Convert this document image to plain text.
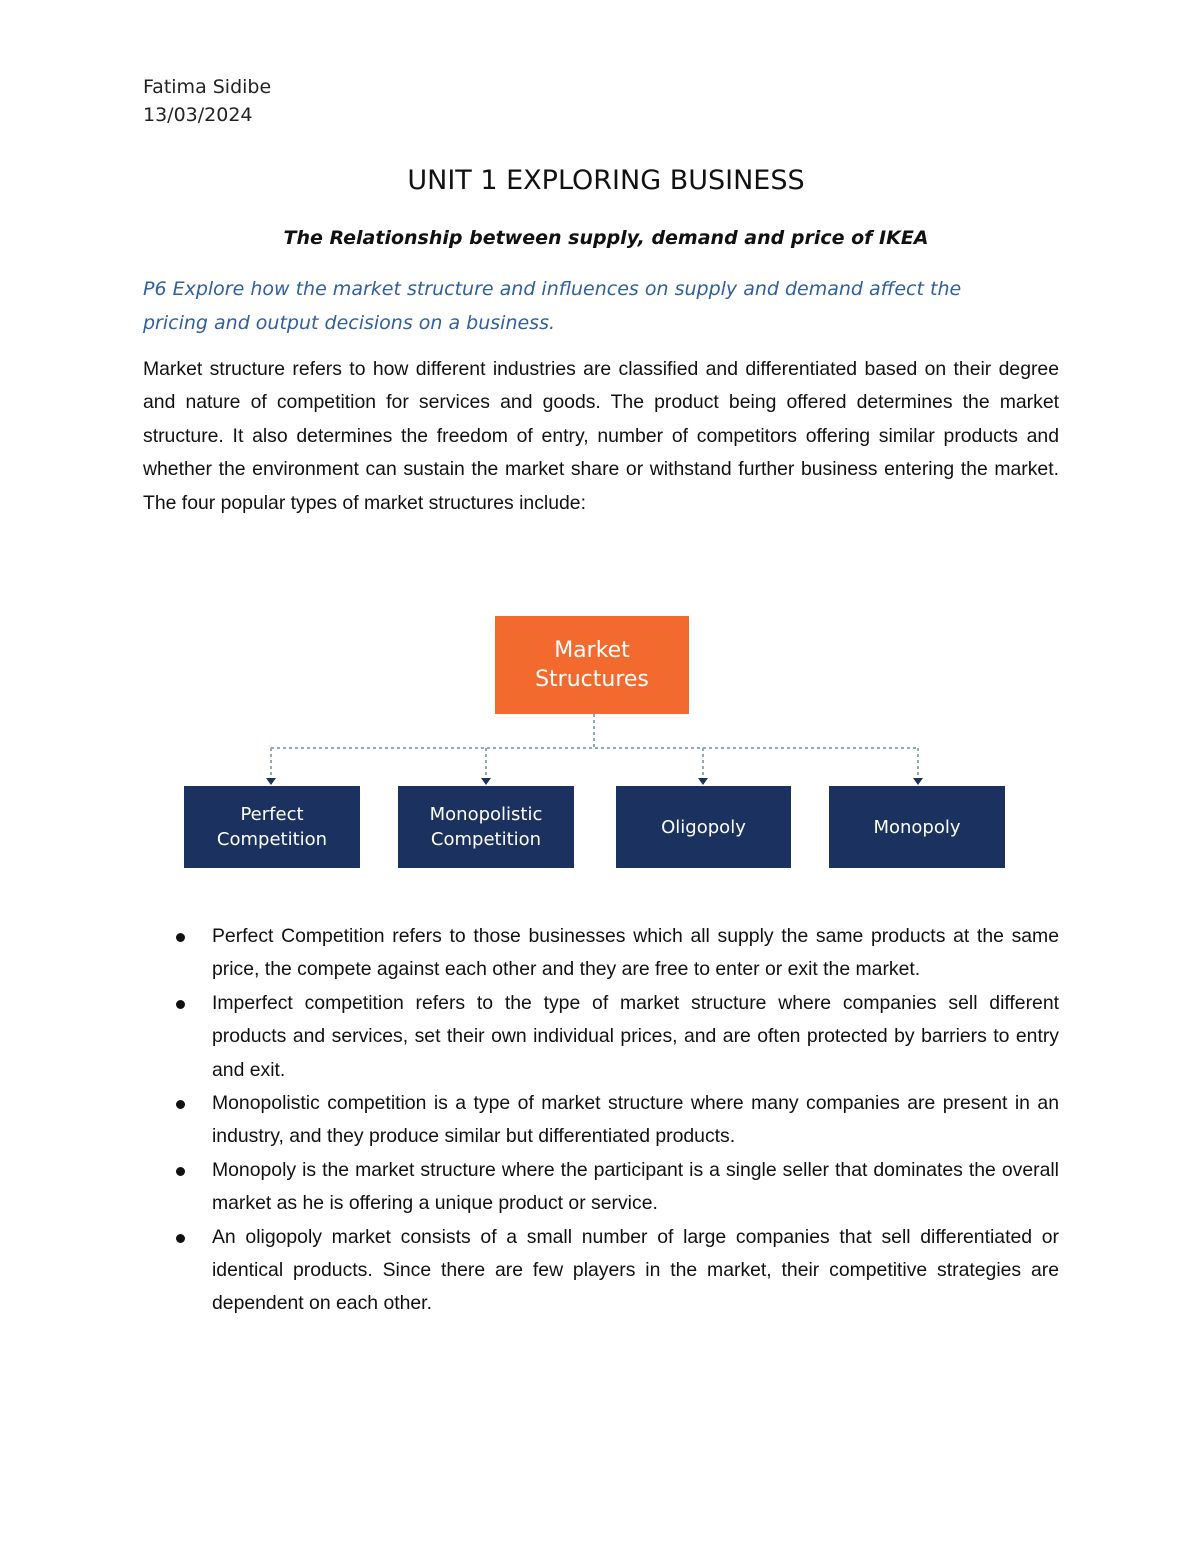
Fatima Sidibe
13/03/2024
UNIT 1 EXPLORING BUSINESS
The Relationship between supply, demand and price of IKEA
P6 Explore how the market structure and influences on supply and demand affect the pricing and output decisions on a business.
Market structure refers to how different industries are classified and differentiated based on their degree and nature of competition for services and goods. The product being offered determines the market structure. It also determines the freedom of entry, number of competitors offering similar products and whether the environment can sustain the market share or withstand further business entering the market. The four popular types of market structures include:
Market
Structures
Perfect
Competition
Monopolistic
Competition
Oligopoly	Monopoly
Perfect Competition refers to those businesses which all supply the same products at the same price, the compete against each other and they are free to enter or exit the market.
Imperfect competition refers to the type of market structure where companies sell different products and services, set their own individual prices, and are often protected by barriers to entry and exit.
Monopolistic competition is a type of market structure where many companies are present in an industry, and they produce similar but differentiated products.
Monopoly is the market structure where the participant is a single seller that dominates the overall market as he is offering a unique product or service.
An oligopoly market consists of a small number of large companies that sell differentiated or identical products. Since there are few players in the market, their competitive strategies are dependent on each other.
